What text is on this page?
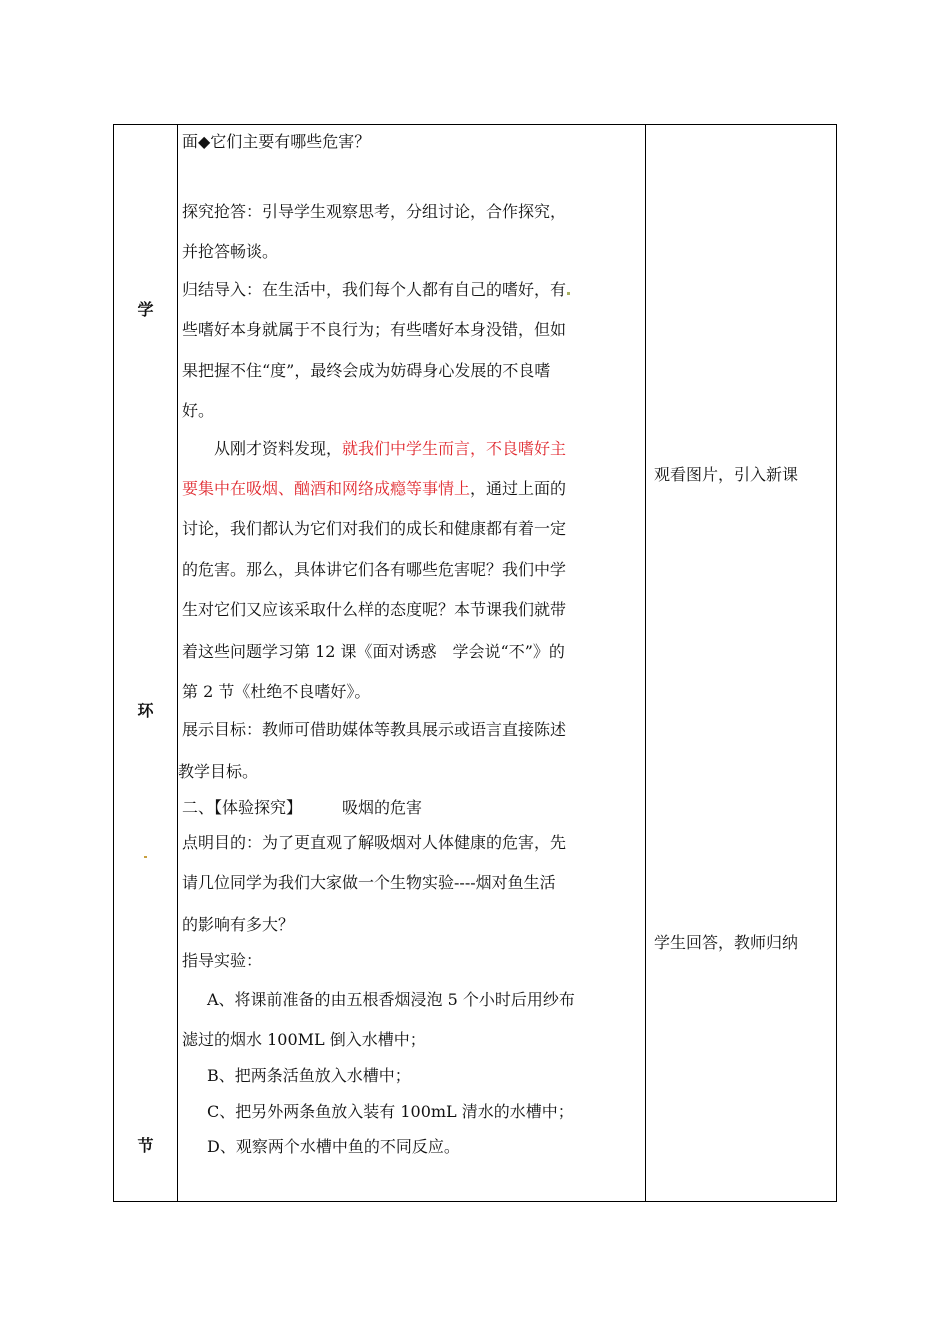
学
环
节
面◆它们主要有哪些危害？
探究抢答：引导学生观察思考，分组讨论，合作探究，
并抢答畅谈。
归结导入：在生活中，我们每个人都有自己的嗜好，有
些嗜好本身就属于不良行为；有些嗜好本身没错，但如
果把握不住“度”，最终会成为妨碍身心发展的不良嗜
好。
从刚才资料发现，就我们中学生而言，不良嗜好主
要集中在吸烟、酗酒和网络成瘾等事情上，通过上面的
讨论，我们都认为它们对我们的成长和健康都有着一定
的危害。那么，具体讲它们各有哪些危害呢？我们中学
生对它们又应该采取什么样的态度呢？本节课我们就带
着这些问题学习第 12 课《面对诱惑　学会说“不”》的
第 2 节《杜绝不良嗜好》。
展示目标：教师可借助媒体等教具展示或语言直接陈述
教学目标。
二、【体验探究】　　　吸烟的危害
点明目的：为了更直观了解吸烟对人体健康的危害，先
请几位同学为我们大家做一个生物实验----烟对鱼生活
的影响有多大？
指导实验：
A、将课前准备的由五根香烟浸泡 5 个小时后用纱布
滤过的烟水 100ML 倒入水槽中；
B、把两条活鱼放入水槽中；
C、把另外两条鱼放入装有 100mL 清水的水槽中；
D、观察两个水槽中鱼的不同反应。
观看图片，引入新课
学生回答，教师归纳
